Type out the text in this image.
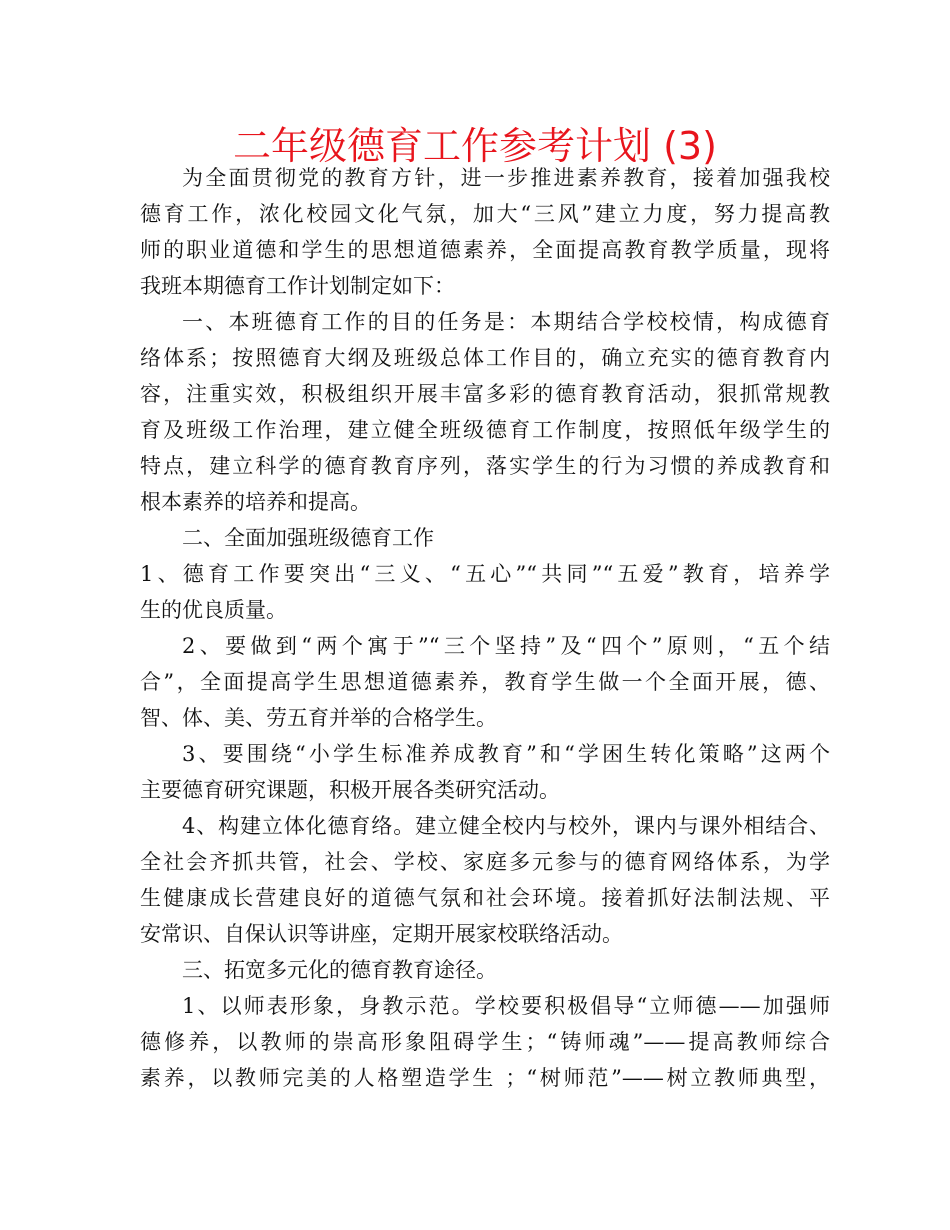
二年级德育工作参考计划 (3)
为全面贯彻党的教育方针，进一步推进素养教育，接着加强我校
德育工作，浓化校园文化气氛，加大“三风”建立力度，努力提高教
师的职业道德和学生的思想道德素养，全面提高教育教学质量，现将
我班本期德育工作计划制定如下：
一、本班德育工作的目的任务是：本期结合学校校情，构成德育
络体系；按照德育大纲及班级总体工作目的，确立充实的德育教育内
容，注重实效，积极组织开展丰富多彩的德育教育活动，狠抓常规教
育及班级工作治理，建立健全班级德育工作制度，按照低年级学生的
特点，建立科学的德育教育序列，落实学生的行为习惯的养成教育和
根本素养的培养和提高。
二、全面加强班级德育工作
1、德育工作要突出“三义、“五心”“共同”“五爱”教育，培养学
生的优良质量。
2、要做到“两个寓于”“三个坚持”及“四个”原则，“五个结
合”，全面提高学生思想道德素养，教育学生做一个全面开展，德、
智、体、美、劳五育并举的合格学生。
3、要围绕“小学生标准养成教育”和“学困生转化策略”这两个
主要德育研究课题，积极开展各类研究活动。
4、构建立体化德育络。建立健全校内与校外，课内与课外相结合、
全社会齐抓共管，社会、学校、家庭多元参与的德育网络体系，为学
生健康成长营建良好的道德气氛和社会环境。接着抓好法制法规、平
安常识、自保认识等讲座，定期开展家校联络活动。
三、拓宽多元化的德育教育途径。
1、以师表形象，身教示范。学校要积极倡导“立师德——加强师
德修养，以教师的崇高形象阻碍学生；“铸师魂”——提高教师综合
素养，以教师完美的人格塑造学生 ；“树师范”——树立教师典型，
